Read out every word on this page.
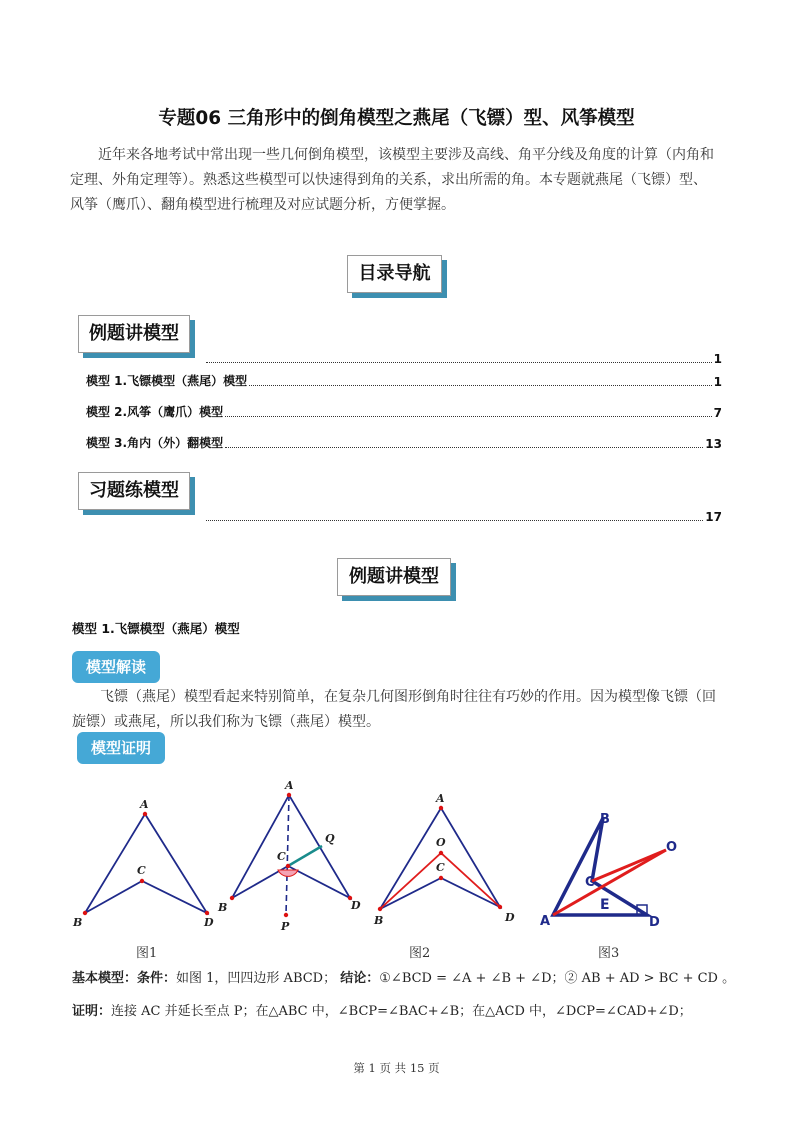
专题06 三角形中的倒角模型之燕尾（飞镖）型、风筝模型
近年来各地考试中常出现一些几何倒角模型，该模型主要涉及高线、角平分线及角度的计算（内角和定理、外角定理等）。熟悉这些模型可以快速得到角的关系，求出所需的角。本专题就燕尾（飞镖）型、风筝（鹰爪）、翻角模型进行梳理及对应试题分析，方便掌握。
目录导航
例题讲模型
1
模型 1.飞镖模型（燕尾）模型	1
模型 2.风筝（鹰爪）模型	7
模型 3.角内（外）翻模型	13
习题练模型
17
例题讲模型
模型 1.飞镖模型（燕尾）模型
模型解读
飞镖（燕尾）模型看起来特别简单，在复杂几何图形倒角时往往有巧妙的作用。因为模型像飞镖（回旋镖）或燕尾，所以我们称为飞镖（燕尾）模型。
模型证明
A
C
B	D
A
C
B	D
P
Q
A
O
C
B	D
B
C
O
E
A	D
图1	图2	图3
基本模型：条件：如图 1，凹四边形 ABCD； 结论：①∠BCD = ∠A + ∠B + ∠D；② AB + AD > BC + CD 。
证明：连接 AC 并延长至点 P；在△ABC 中，∠BCP=∠BAC+∠B；在△ACD 中，∠DCP=∠CAD+∠D；
第 1 页 共 15 页
